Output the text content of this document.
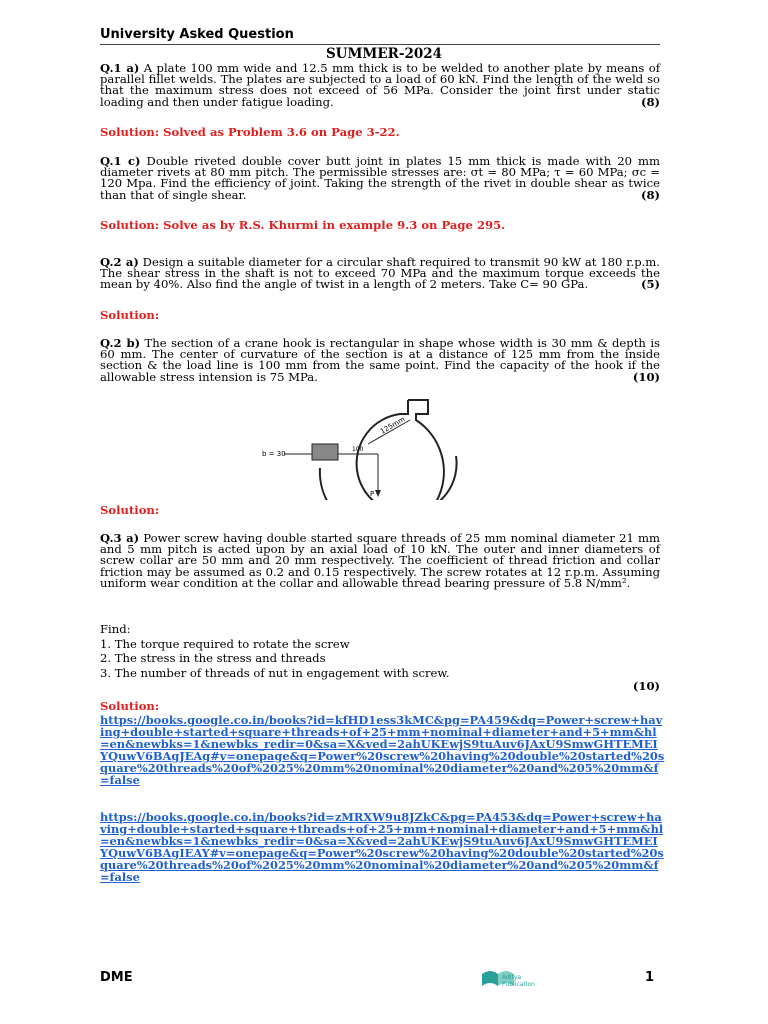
University Asked Question
SUMMER-2024
Q.1 a) A plate 100 mm wide and 12.5 mm thick is to be welded to another plate by means of parallel fillet welds. The plates are subjected to a load of 60 kN. Find the length of the weld so that the maximum stress does not exceed of 56 MPa. Consider the joint first under static loading and then under fatigue loading.	(8)
Solution: Solved as Problem 3.6 on Page 3-22.
Q.1 c) Double riveted double cover butt joint in plates 15 mm thick is made with 20 mm diameter rivets at 80 mm pitch. The permissible stresses are: σt = 80 MPa; τ = 60 MPa; σc = 120 Mpa. Find the efficiency of joint. Taking the strength of the rivet in double shear as twice than that of single shear.	(8)
Solution: Solve as by R.S. Khurmi in example 9.3 on Page 295.
Q.2 a) Design a suitable diameter for a circular shaft required to transmit 90 kW at 180 r.p.m. The shear stress in the shaft is not to exceed 70 MPa and the maximum torque exceeds the mean by 40%. Also find the angle of twist in a length of 2 meters. Take C= 90 GPa.	(5)
Solution:
Q.2 b) The section of a crane hook is rectangular in shape whose width is 30 mm & depth is 60 mm. The center of curvature of the section is at a distance of 125 mm from the inside section & the load line is 100 mm from the same point. Find the capacity of the hook if the allowable stress intension is 75 MPa.	(10)
b = 30
100
125mm
P
Solution:
Q.3 a) Power screw having double started square threads of 25 mm nominal diameter 21 mm and 5 mm pitch is acted upon by an axial load of 10 kN. The outer and inner diameters of screw collar are 50 mm and 20 mm respectively. The coefficient of thread friction and collar friction may be assumed as 0.2 and 0.15 respectively. The screw rotates at 12 r.p.m. Assuming uniform wear condition at the collar and allowable thread bearing pressure of 5.8 N/mm².
Find:
1. The torque required to rotate the screw
2. The stress in the stress and threads
3. The number of threads of nut in engagement with screw.
(10)
Solution:
https://books.google.co.in/books?id=kfHD1ess3kMC&pg=PA459&dq=Power+screw+having+double+started+square+threads+of+25+mm+nominal+diameter+and+5+mm&hl=en&newbks=1&newbks_redir=0&sa=X&ved=2ahUKEwjS9tuAuv6JAxU9SmwGHTEMEIYQuwV6BAgJEAg#v=onepage&q=Power%20screw%20having%20double%20started%20square%20threads%20of%2025%20mm%20nominal%20diameter%20and%205%20mm&f=false
https://books.google.co.in/books?id=zMRXW9u8JZkC&pg=PA453&dq=Power+screw+having+double+started+square+threads+of+25+mm+nominal+diameter+and+5+mm&hl=en&newbks=1&newbks_redir=0&sa=X&ved=2ahUKEwjS9tuAuv6JAxU9SmwGHTEMEIYQuwV6BAgIEAY#v=onepage&q=Power%20screw%20having%20double%20started%20square%20threads%20of%2025%20mm%20nominal%20diameter%20and%205%20mm&f=false
DME	Aditya
Publication	1
